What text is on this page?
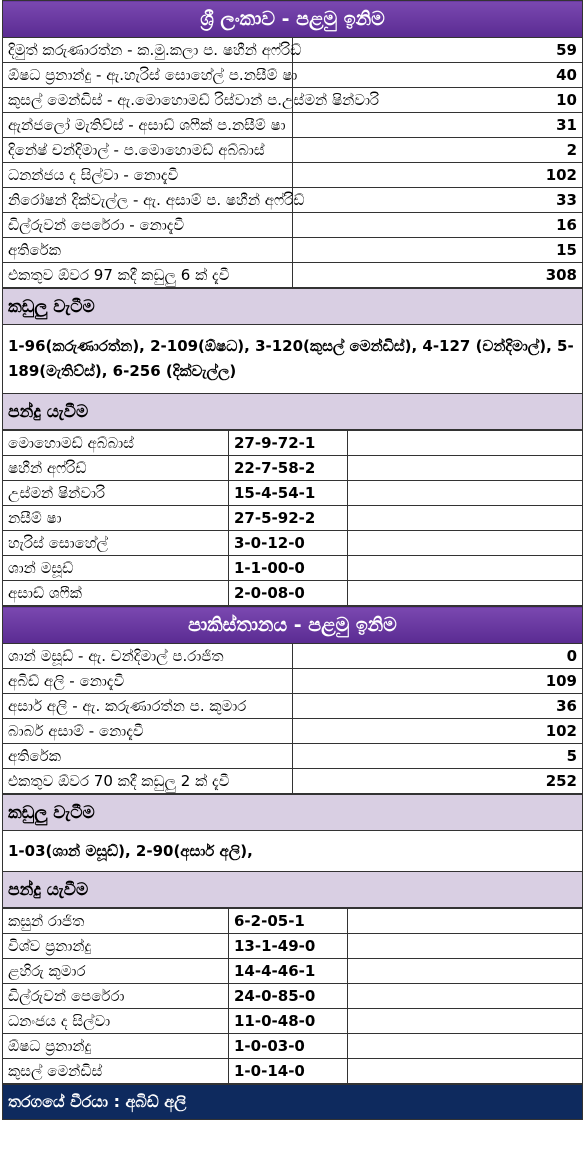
ශ්‍රී ලංකාව - පළමු ඉනිම	
දිමුත් කරුණාරත්න - ක.මු.කලා ප. ෂහීන් අෆ්රිඩ්	59
ඕෂධ ප්‍රනාන්දු - ඇ.හැරිස් සොහේල් ප.නසීම් ෂා	40
කුසල් මෙන්ඩිස් - ඇ.මොහොමඩ් රිස්වාන් ප.උස්මන් ෂින්වාරි	10
ඇන්ජලෝ මැතිව්ස් - අසාඩ් ශෆීක් ප.නසීම් ෂා	31
දිනේෂ් චන්දිමාල් - ප.මොහොමඩ් අබ්බාස්	2
ධනන්ජය ද සිල්වා - නොදැවී	102
නිරෝෂන් දික්වැල්ල - ඇ. අසාම් ප. ෂහීන් අෆ්රිඩ්	33
ඩිල්රුවන් පෙරේරා - නොදැවී	16
අතිරේක	15
එකතුව ඕවර 97 කදී කඩුලු 6 ක් දැවී	308
කඩුලු වැටීම
1-96(කරුණාරත්න), 2-109(ඕෂධ), 3-120(කුසල් මෙන්ඩිස්), 4-127 (චන්දිමාල්), 5-189(මැතිව්ස්), 6-256 (දික්වැල්ල)
පන්දු යැවීම
මොහොමඩ් අබ්බාස්	27-9-72-1	
ෂහීන් අෆ්රිඩ්	22-7-58-2	
උස්මන් ෂින්වාරි	15-4-54-1	
නසීම් ෂා	27-5-92-2	
හැරිස් සොහේල්	3-0-12-0	
ශාන් මසූඩ්	1-1-00-0	
අසාඩ් ශෆීක්	2-0-08-0	
පාකිස්තානය - පළමු ඉනිම	
ශාන් මසූඩ් - ඇ. චන්දිමාල් ප.රාජිත	0
අබිඩ් අලි - නොදැවී	109
අසාර් අලි - ඇ. කරුණාරත්න ප. කුමාර	36
බාබර් අසාම් - නොදැවී	102
අතිරේක	5
එකතුව ඕවර 70 කදී කඩුලු 2 ක් දැවී	252
කඩුලු වැටීම
1-03(ශාන් මසූඩ්), 2-90(අසාර් අලි),
පන්දු යැවීම
කසුන් රාජිත	6-2-05-1	
විශ්ව ප්‍රනාන්දු	13-1-49-0	
ළහිරු කුමාර	14-4-46-1	
ඩිල්රුවන් පෙරේරා	24-0-85-0	
ධනංජය ද සිල්වා	11-0-48-0	
ඕෂධ ප්‍රනාන්දු	1-0-03-0	
කුසල් මෙන්ඩිස්	1-0-14-0	
තරගයේ වීරයා : අබිඩ් අලි
